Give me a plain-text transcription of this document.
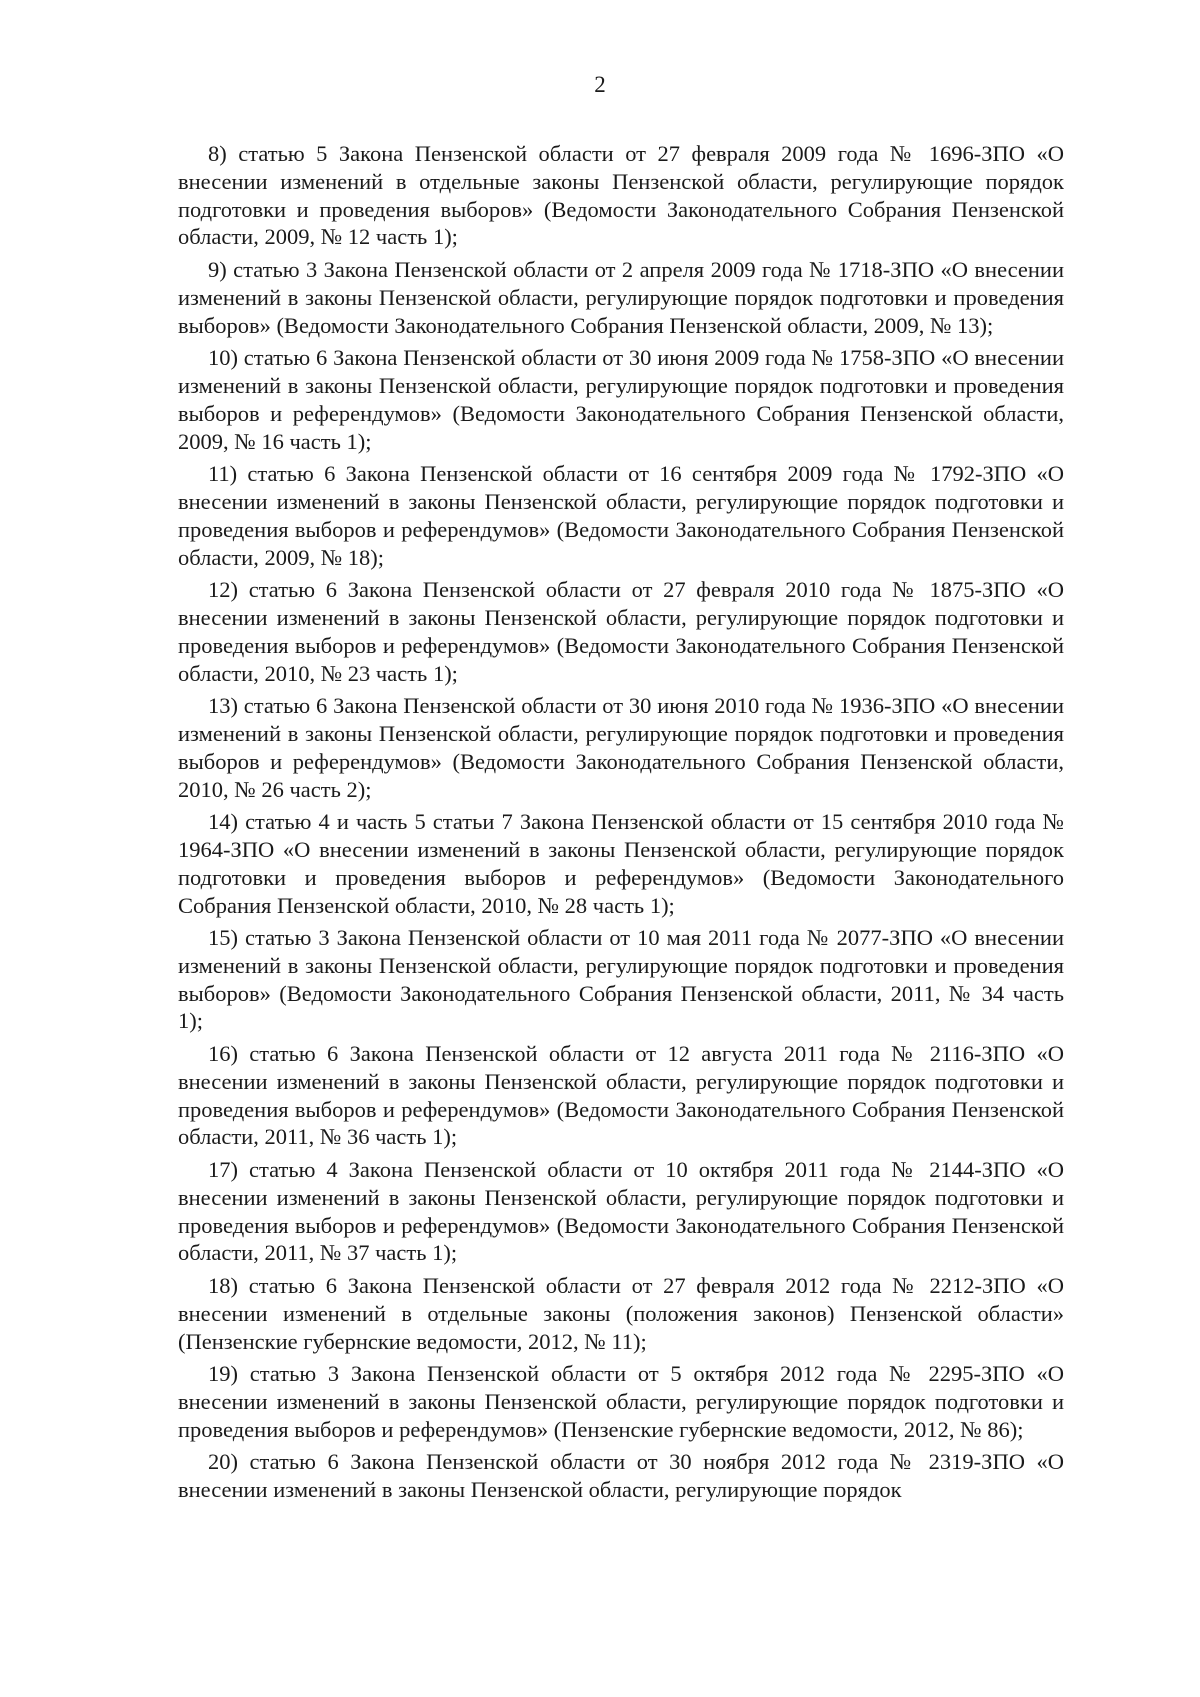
2

8) статью 5 Закона Пензенской области от 27 февраля 2009 года № 1696-ЗПО «О внесении изменений в отдельные законы Пензенской области, регулирующие порядок подготовки и проведения выборов» (Ведомости Законодательного Собрания Пензенской области, 2009, № 12 часть 1);

9) статью 3 Закона Пензенской области от 2 апреля 2009 года № 1718-ЗПО «О внесении изменений в законы Пензенской области, регулирующие порядок подготовки и проведения выборов» (Ведомости Законодательного Собрания Пензенской области, 2009, № 13);

10) статью 6 Закона Пензенской области от 30 июня 2009 года № 1758-ЗПО «О внесении изменений в законы Пензенской области, регулирующие порядок подготовки и проведения выборов и референдумов» (Ведомости Законодательного Собрания Пензенской области, 2009, № 16 часть 1);

11) статью 6 Закона Пензенской области от 16 сентября 2009 года № 1792-ЗПО «О внесении изменений в законы Пензенской области, регулирующие порядок подготовки и проведения выборов и референдумов» (Ведомости Законодательного Собрания Пензенской области, 2009, № 18);

12) статью 6 Закона Пензенской области от 27 февраля 2010 года № 1875-ЗПО «О внесении изменений в законы Пензенской области, регулирующие порядок подготовки и проведения выборов и референдумов» (Ведомости Законодательного Собрания Пензенской области, 2010, № 23 часть 1);

13) статью 6 Закона Пензенской области от 30 июня 2010 года № 1936-ЗПО «О внесении изменений в законы Пензенской области, регулирующие порядок подготовки и проведения выборов и референдумов» (Ведомости Законодательного Собрания Пензенской области, 2010, № 26 часть 2);

14) статью 4 и часть 5 статьи 7 Закона Пензенской области от 15 сентября 2010 года № 1964-ЗПО «О внесении изменений в законы Пензенской области, регулирующие порядок подготовки и проведения выборов и референдумов» (Ведомости Законодательного Собрания Пензенской области, 2010, № 28 часть 1);

15) статью 3 Закона Пензенской области от 10 мая 2011 года № 2077-ЗПО «О внесении изменений в законы Пензенской области, регулирующие порядок подготовки и проведения выборов» (Ведомости Законодательного Собрания Пензенской области, 2011, № 34 часть 1);

16) статью 6 Закона Пензенской области от 12 августа 2011 года № 2116-ЗПО «О внесении изменений в законы Пензенской области, регулирующие порядок подготовки и проведения выборов и референдумов» (Ведомости Законодательного Собрания Пензенской области, 2011, № 36 часть 1);

17) статью 4 Закона Пензенской области от 10 октября 2011 года № 2144-ЗПО «О внесении изменений в законы Пензенской области, регулирующие порядок подготовки и проведения выборов и референдумов» (Ведомости Законодательного Собрания Пензенской области, 2011, № 37 часть 1);

18) статью 6 Закона Пензенской области от 27 февраля 2012 года № 2212-ЗПО «О внесении изменений в отдельные законы (положения законов) Пензенской области» (Пензенские губернские ведомости, 2012, № 11);

19) статью 3 Закона Пензенской области от 5 октября 2012 года № 2295-ЗПО «О внесении изменений в законы Пензенской области, регулирующие порядок подготовки и проведения выборов и референдумов» (Пензенские губернские ведомости, 2012, № 86);

20) статью 6 Закона Пензенской области от 30 ноября 2012 года № 2319-ЗПО «О внесении изменений в законы Пензенской области, регулирующие порядок
